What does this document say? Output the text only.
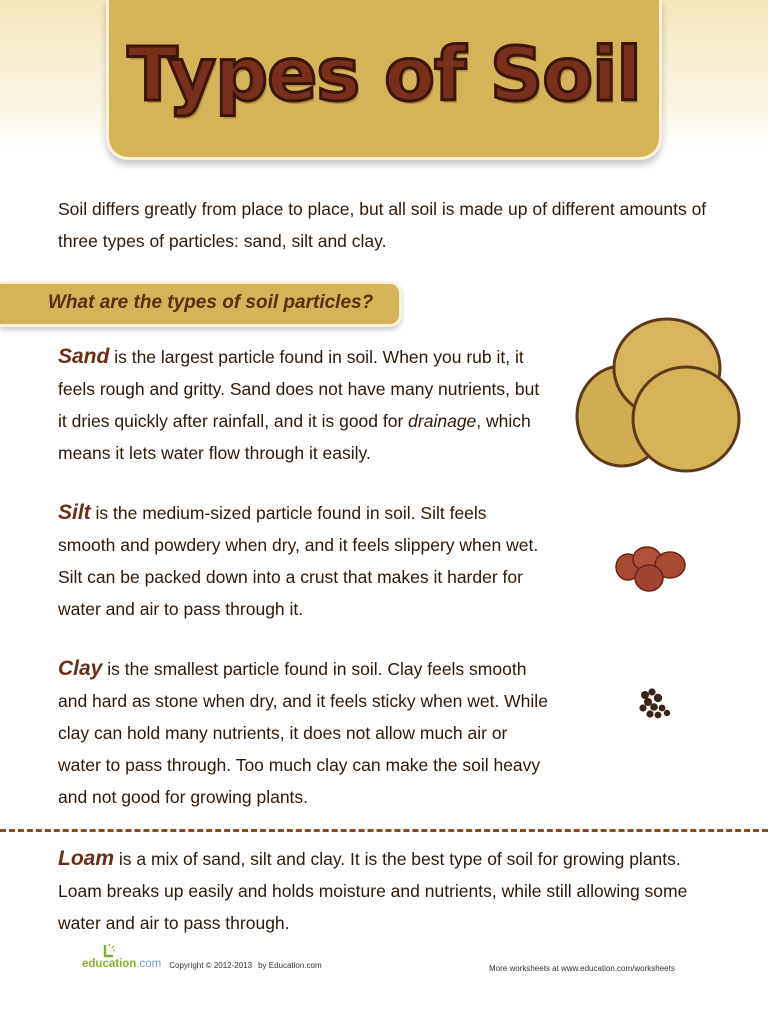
Types of Soil

Soil differs greatly from place to place, but all soil is made up of different amounts of three types of particles: sand, silt and clay.

What are the types of soil particles?

Sand is the largest particle found in soil. When you rub it, it feels rough and gritty. Sand does not have many nutrients, but it dries quickly after rainfall, and it is good for drainage, which means it lets water flow through it easily.

Silt is the medium-sized particle found in soil. Silt feels smooth and powdery when dry, and it feels slippery when wet. Silt can be packed down into a crust that makes it harder for water and air to pass through it.

Clay is the smallest particle found in soil. Clay feels smooth and hard as stone when dry, and it feels sticky when wet. While clay can hold many nutrients, it does not allow much air or water to pass through. Too much clay can make the soil heavy and not good for growing plants.

Loam is a mix of sand, silt and clay. It is the best type of soil for growing plants. Loam breaks up easily and holds moisture and nutrients, while still allowing some water and air to pass through.

education.com Copyright © 2012-2013 by Education.com	More worksheets at www.education.com/worksheets
